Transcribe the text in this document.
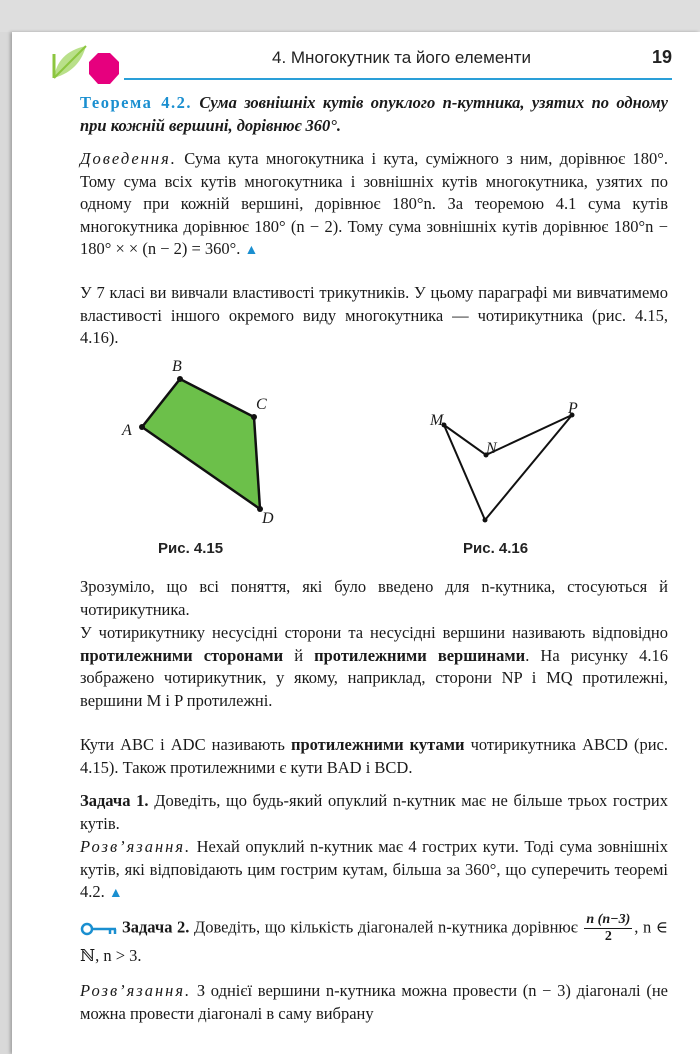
4. Многокутник та його елементи	19
Теорема 4.2. Сума зовнішніх кутів опуклого n-кутника, узятих по одному при кожній вершині, дорівнює 360°.
Доведення. Сума кута многокутника і кута, суміжного з ним, дорівнює 180°. Тому сума всіх кутів многокутника і зовнішніх кутів многокутника, узятих по одному при кожній вершині, дорівнює 180°n. За теоремою 4.1 сума кутів многокутника дорівнює 180° (n − 2). Тому сума зовнішніх кутів дорівнює 180°n − 180° × × (n − 2) = 360°. ▲
У 7 класі ви вивчали властивості трикутників. У цьому параграфі ми вивчатимемо властивості іншого окремого виду многокутника — чотирикутника (рис. 4.15, 4.16).
A
B
C
D
Рис. 4.15
M
N
P
Рис. 4.16
Зрозуміло, що всі поняття, які було введено для n-кутника, стосуються й чотирикутника.
У чотирикутнику несусідні сторони та несусідні вершини називають відповідно протилежними сторонами й протилежними вершинами. На рисунку 4.16 зображено чотирикутник, у якому, наприклад, сторони NP і MQ протилежні, вершини M і P протилежні.
Кути ABC і ADC називають протилежними кутами чотирикутника ABCD (рис. 4.15). Також протилежними є кути BAD і BCD.
Задача 1. Доведіть, що будь-який опуклий n-кутник має не більше трьох гострих кутів.
Розв’язання. Нехай опуклий n-кутник має 4 гострих кути. Тоді сума зовнішніх кутів, які відповідають цим гострим кутам, більша за 360°, що суперечить теоремі 4.2. ▲
Задача 2. Доведіть, що кількість діагоналей n-кутника дорівнює $\frac{n (n-3)}{2}$ , n ∈ ℕ, n > 3.
Розв’язання. З однієї вершини n-кутника можна провести (n − 3) діагоналі (не можна провести діагоналі в саму вибрану
